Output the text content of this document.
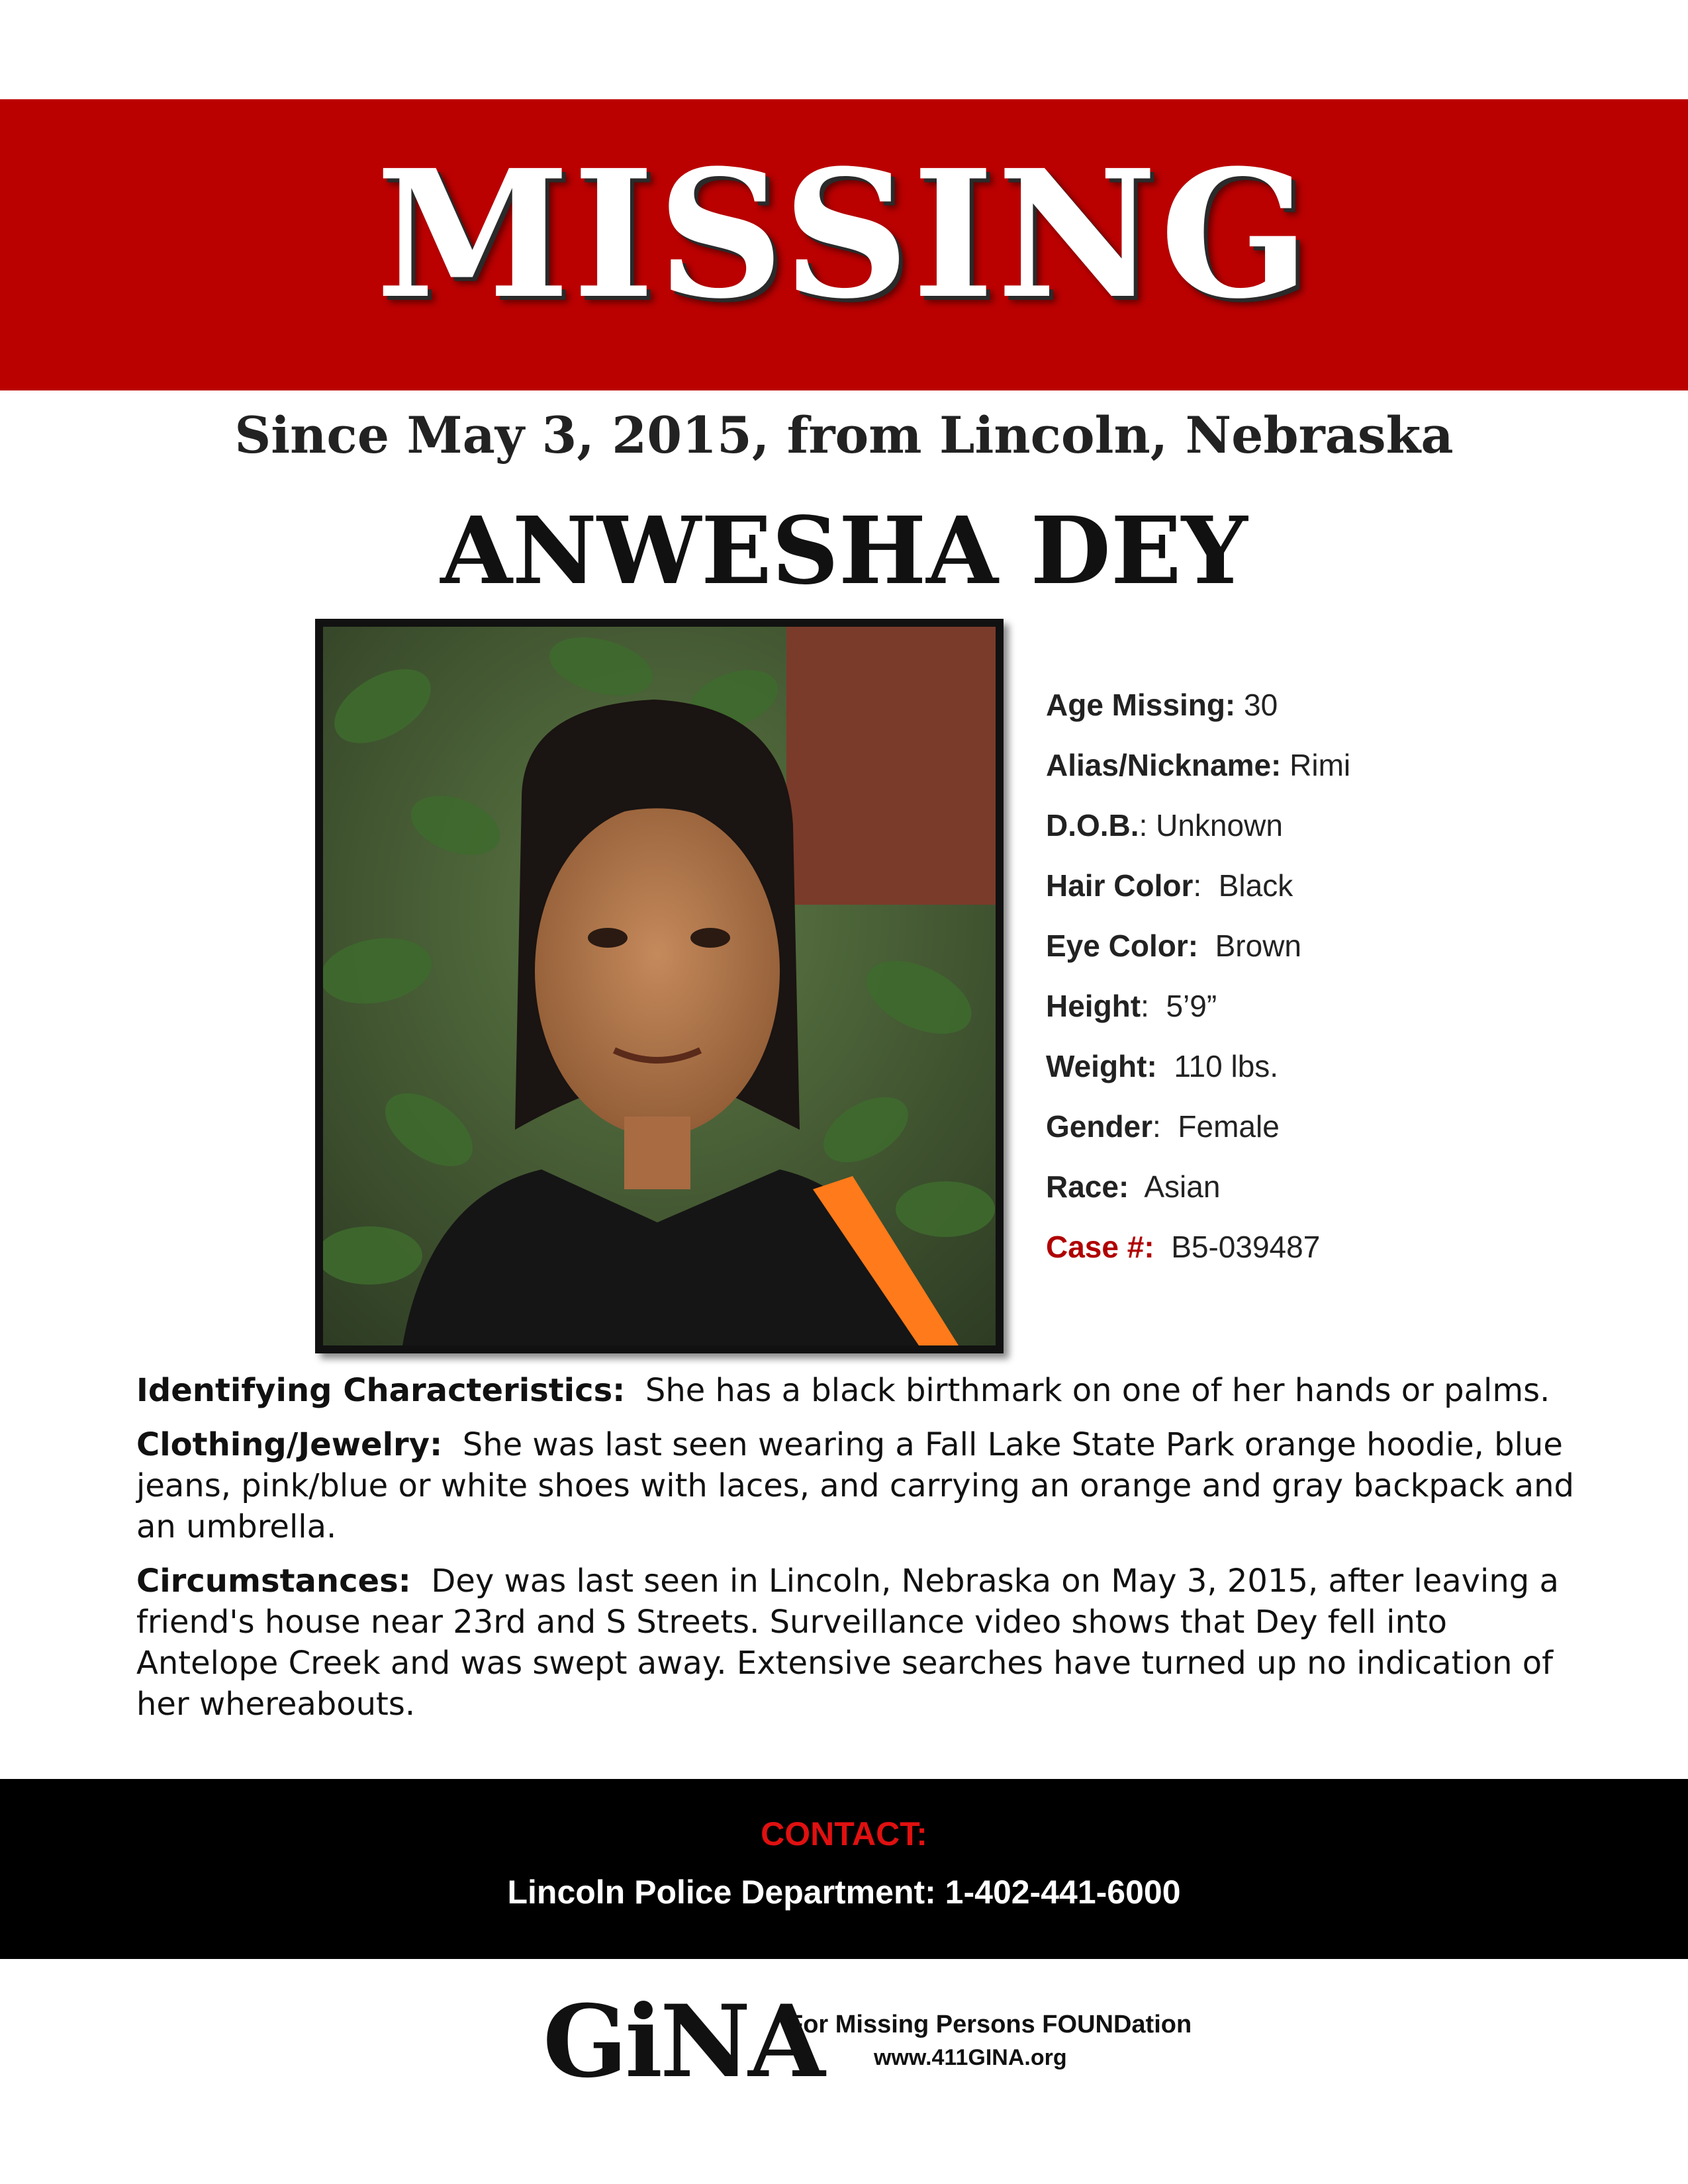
MISSING
Since May 3, 2015, from Lincoln, Nebraska
ANWESHA DEY
Age Missing: 30
Alias/Nickname: Rimi
D.O.B.: Unknown
Hair Color: Black
Eye Color: Brown
Height: 5’9”
Weight: 110 lbs.
Gender: Female
Race: Asian
Case #: B5-039487

Identifying Characteristics: She has a black birthmark on one of her hands or palms.

Clothing/Jewelry: She was last seen wearing a Fall Lake State Park orange hoodie, blue jeans, pink/blue or white shoes with laces, and carrying an orange and gray backpack and an umbrella.

Circumstances: Dey was last seen in Lincoln, Nebraska on May 3, 2015, after leaving a friend's house near 23rd and S Streets. Surveillance video shows that Dey fell into Antelope Creek and was swept away. Extensive searches have turned up no indication of her whereabouts.

CONTACT:
Lincoln Police Department: 1-402-441-6000
GiNA
For Missing Persons FOUNDation
www.411GINA.org
